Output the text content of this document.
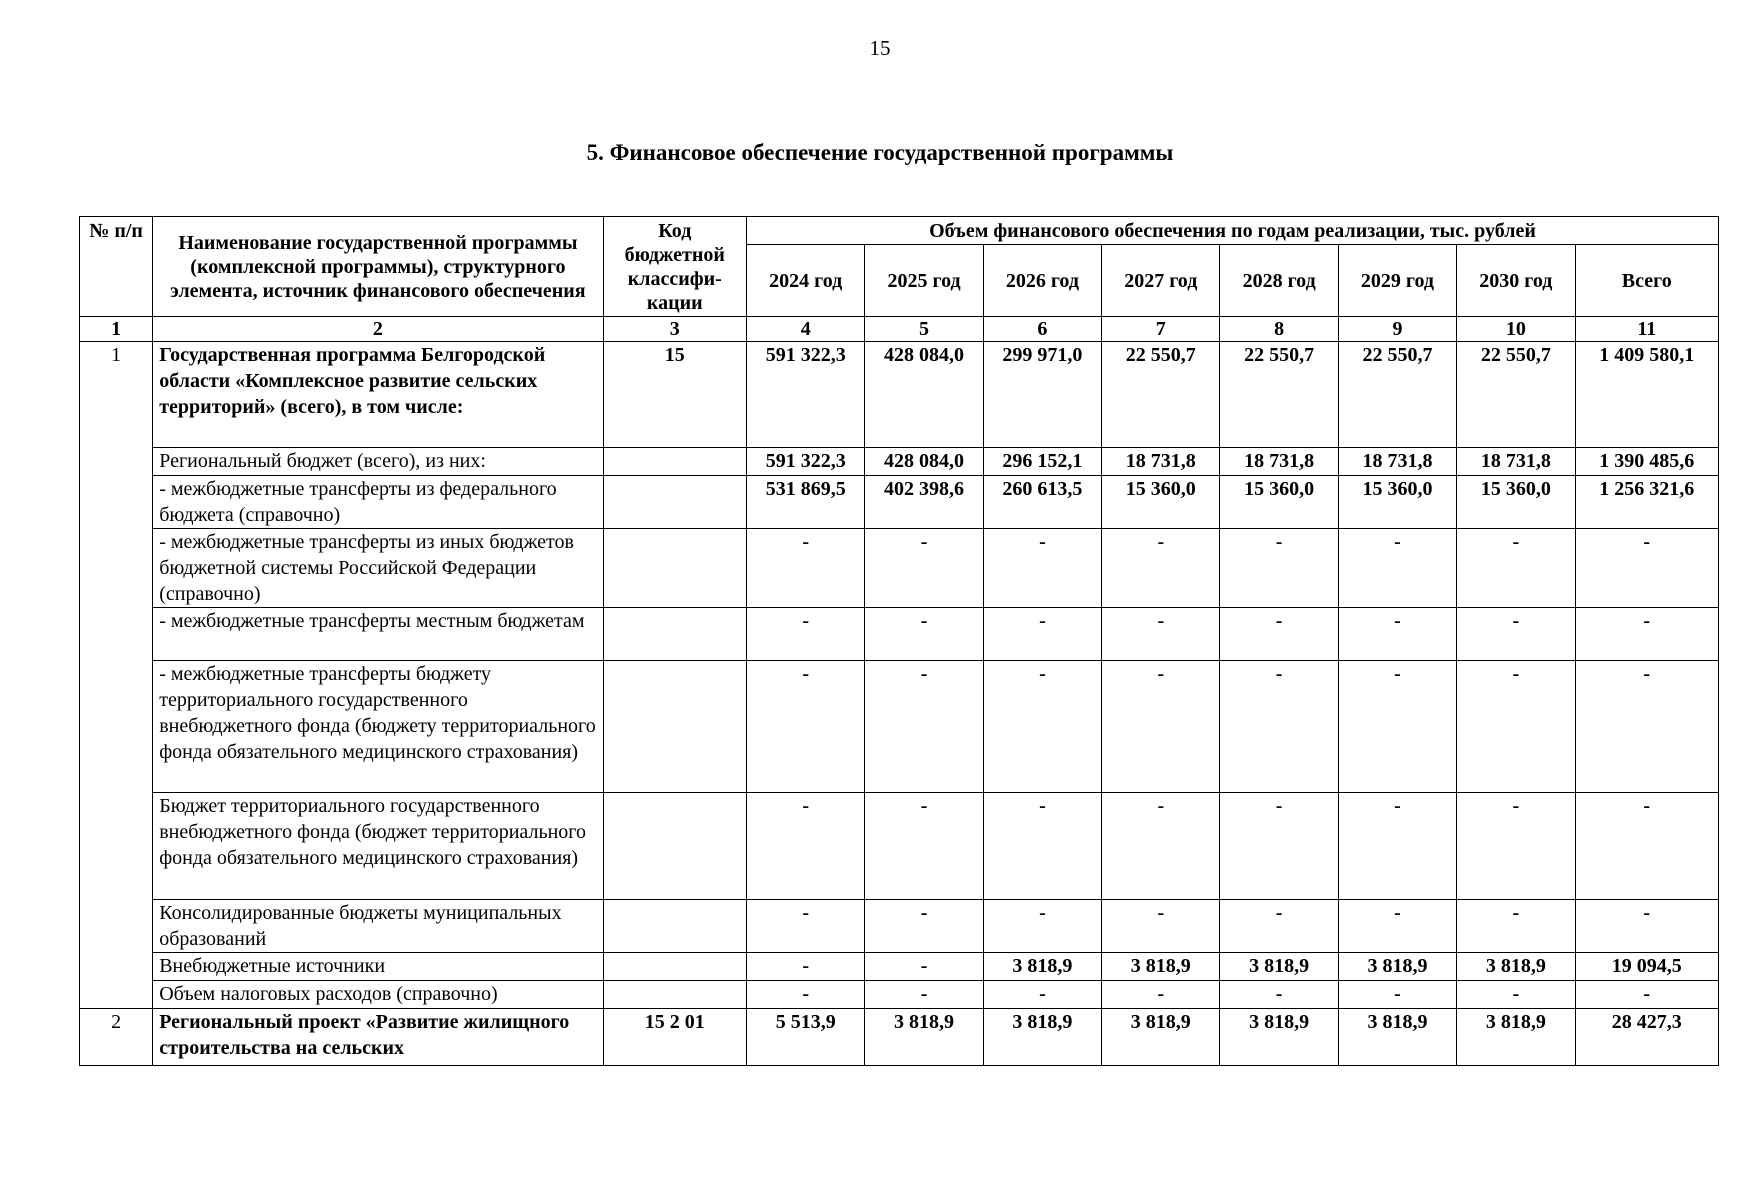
15
5. Финансовое обеспечение государственной программы
№ п/п	Наименование государственной программы (комплексной программы), структурного элемента, источник финансового обеспечения	Код бюджетной классифи-кации	Объем финансового обеспечения по годам реализации, тыс. рублей							
			2024 год	2025 год	2026 год	2027 год	2028 год	2029 год	2030 год	Всего
1	2	3	4	5	6	7	8	9	10	11
1	Государственная программа Белгородской области «Комплексное развитие сельских территорий» (всего), в том числе:	15	591 322,3	428 084,0	299 971,0	22 550,7	22 550,7	22 550,7	22 550,7	1 409 580,1
	Региональный бюджет (всего), из них:		591 322,3	428 084,0	296 152,1	18 731,8	18 731,8	18 731,8	18 731,8	1 390 485,6
	- межбюджетные трансферты из федерального бюджета (справочно)		531 869,5	402 398,6	260 613,5	15 360,0	15 360,0	15 360,0	15 360,0	1 256 321,6
	- межбюджетные трансферты из иных бюджетов бюджетной системы Российской Федерации (справочно)		-	-	-	-	-	-	-	-
	- межбюджетные трансферты местным бюджетам		-	-	-	-	-	-	-	-
	- межбюджетные трансферты бюджету территориального государственного внебюджетного фонда (бюджету территориального фонда обязательного медицинского страхования)		-	-	-	-	-	-	-	-
	Бюджет территориального государственного внебюджетного фонда (бюджет территориального фонда обязательного медицинского страхования)		-	-	-	-	-	-	-	-
	Консолидированные бюджеты муниципальных образований		-	-	-	-	-	-	-	-
	Внебюджетные источники		-	-	3 818,9	3 818,9	3 818,9	3 818,9	3 818,9	19 094,5
	Объем налоговых расходов (справочно)		-	-	-	-	-	-	-	-
2	Региональный проект «Развитие жилищного строительства на сельских	15 2 01	5 513,9	3 818,9	3 818,9	3 818,9	3 818,9	3 818,9	3 818,9	28 427,3
